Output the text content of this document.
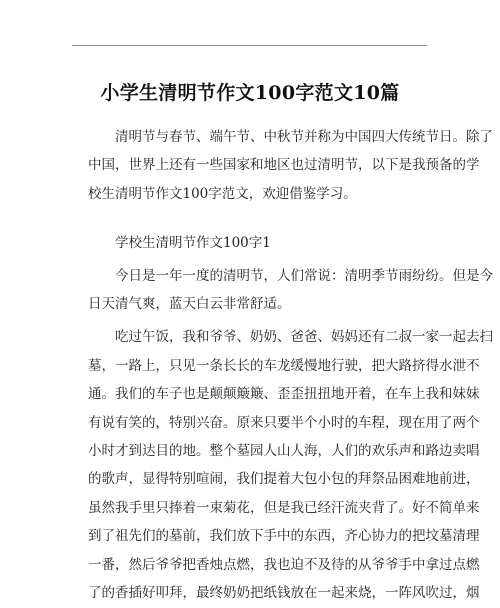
小学生清明节作文100字范文10篇

清明节与春节、端午节、中秋节并称为中国四大传统节日。除了
中国，世界上还有一些国家和地区也过清明节，以下是我预备的学
校生清明节作文100字范文，欢迎借鉴学习。

学校生清明节作文100字1

今日是一年一度的清明节，人们常说：清明季节雨纷纷。但是今
日天清气爽，蓝天白云非常舒适。

吃过午饭，我和爷爷、奶奶、爸爸、妈妈还有二叔一家一起去扫
墓，一路上，只见一条长长的车龙缓慢地行驶，把大路挤得水泄不
通。我们的车子也是颠颠簸簸、歪歪扭扭地开着，在车上我和妹妹
有说有笑的，特别兴奋。原来只要半个小时的车程，现在用了两个
小时才到达目的地。整个墓园人山人海，人们的欢乐声和路边卖唱
的歌声，显得特别喧闹，我们提着大包小包的拜祭品困难地前进，
虽然我手里只捧着一束菊花，但是我已经汗流夹背了。好不简单来
到了祖先们的墓前，我们放下手中的东西，齐心协力的把坟墓清理
一番，然后爷爷把香烛点燃，我也迫不及待的从爷爷手中拿过点燃
了的香插好叩拜，最终奶奶把纸钱放在一起来烧，一阵风吹过，烟
